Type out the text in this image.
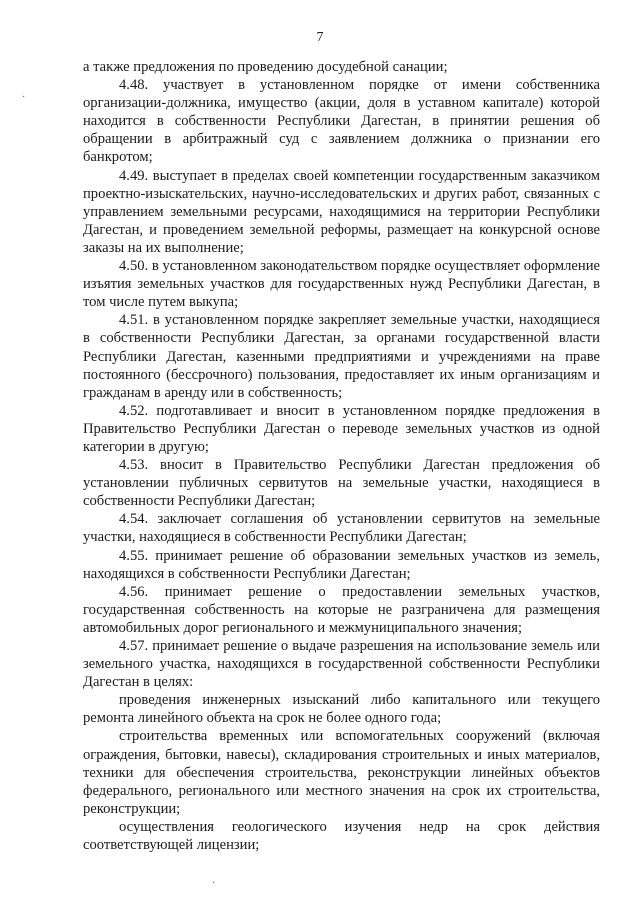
7

а также предложения по проведению досудебной санации;

4.48. участвует в установленном порядке от имени собственника организации-должника, имущество (акции, доля в уставном капитале) которой находится в собственности Республики Дагестан, в принятии решения об обращении в арбитражный суд с заявлением должника о признании его банкротом;

4.49. выступает в пределах своей компетенции государственным заказчиком проектно-изыскательских, научно-исследовательских и других работ, связанных с управлением земельными ресурсами, находящимися на территории Республики Дагестан, и проведением земельной реформы, размещает на конкурсной основе заказы на их выполнение;

4.50. в установленном законодательством порядке осуществляет оформление изъятия земельных участков для государственных нужд Республики Дагестан, в том числе путем выкупа;

4.51. в установленном порядке закрепляет земельные участки, находящиеся в собственности Республики Дагестан, за органами государственной власти Республики Дагестан, казенными предприятиями и учреждениями на праве постоянного (бессрочного) пользования, предоставляет их иным организациям и гражданам в аренду или в собственность;

4.52. подготавливает и вносит в установленном порядке предложения в Правительство Республики Дагестан о переводе земельных участков из одной категории в другую;

4.53. вносит в Правительство Республики Дагестан предложения об установлении публичных сервитутов на земельные участки, находящиеся в собственности Республики Дагестан;

4.54. заключает соглашения об установлении сервитутов на земельные участки, находящиеся в собственности Республики Дагестан;

4.55. принимает решение об образовании земельных участков из земель, находящихся в собственности Республики Дагестан;

4.56. принимает решение о предоставлении земельных участков, государственная собственность на которые не разграничена для размещения автомобильных дорог регионального и межмуниципального значения;

4.57. принимает решение о выдаче разрешения на использование земель или земельного участка, находящихся в государственной собственности Республики Дагестан в целях:

проведения инженерных изысканий либо капитального или текущего ремонта линейного объекта на срок не более одного года;

строительства временных или вспомогательных сооружений (включая ограждения, бытовки, навесы), складирования строительных и иных материалов, техники для обеспечения строительства, реконструкции линейных объектов федерального, регионального или местного значения на срок их строительства, реконструкции;

осуществления геологического изучения недр на срок действия соответствующей лицензии;

·
·
